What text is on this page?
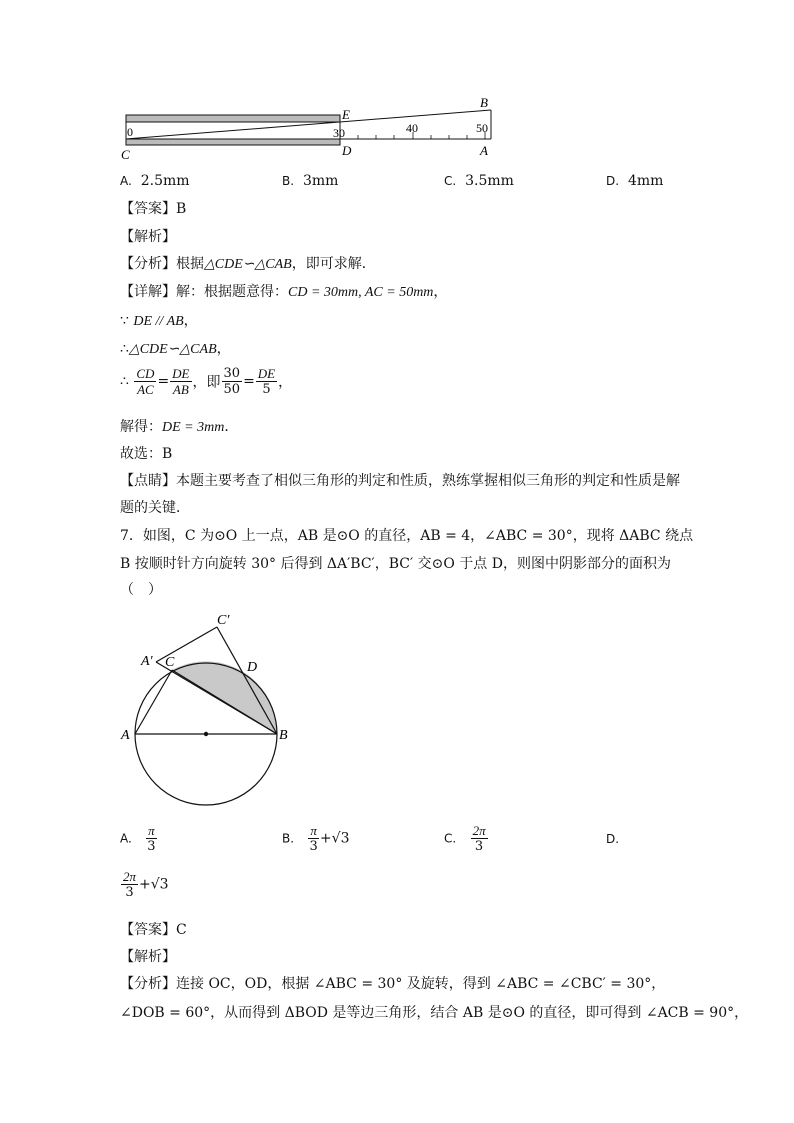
0	30	40	50
E
B
C	D	A
A. 2.5mm	B. 3mm	C. 3.5mm	D. 4mm
【答案】B
【解析】
【分析】根据△CDE∽△CAB，即可求解．
【详解】解：根据题意得：CD = 30mm, AC = 50mm，
∵ DE // AB，
∴△CDE∽△CAB，
∴ $\frac{CD}{AC} = \frac{DE}{AB}$ ，即 $\frac{30}{50} = \frac{DE}{5}$ ，
解得：DE = 3mm．
故选：B
【点睛】本题主要考查了相似三角形的判定和性质，熟练掌握相似三角形的判定和性质是解
题的关键．
7．如图，C 为⊙O 上一点，AB 是⊙O 的直径，AB = 4，∠ABC = 30°，现将 ΔABC 绕点
B 按顺时针方向旋转 30° 后得到 ΔA′BC′，BC′ 交⊙O 于点 D，则图中阴影部分的面积为
（　）
C′
A′ C	D
A	B
A. $\frac{\pi}{3}$	B. $\frac{\pi}{3} +√3$	C. $\frac{2\pi}{3}$	D.
$\frac{2\pi}{3} +√3$
【答案】C
【解析】
【分析】连接 OC，OD，根据 ∠ABC = 30° 及旋转，得到 ∠ABC = ∠CBC′ = 30°，
∠DOB = 60°，从而得到 ΔBOD 是等边三角形，结合 AB 是⊙O 的直径，即可得到 ∠ACB = 90°，
